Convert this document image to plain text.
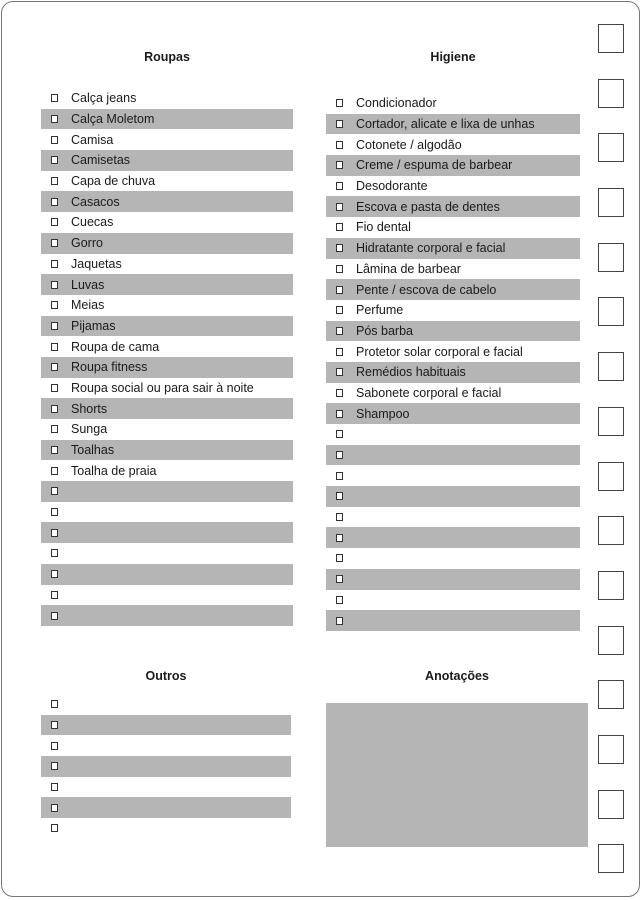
Roupas
Calça jeans
Calça Moletom
Camisa
Camisetas
Capa de chuva
Casacos
Cuecas
Gorro
Jaquetas
Luvas
Meias
Pijamas
Roupa de cama
Roupa fitness
Roupa social ou para sair à noite
Shorts
Sunga
Toalhas
Toalha de praia
Higiene
Condicionador
Cortador, alicate e lixa de unhas
Cotonete / algodão
Creme / espuma de barbear
Desodorante
Escova e pasta de dentes
Fio dental
Hidratante corporal e facial
Lâmina de barbear
Pente / escova de cabelo
Perfume
Pós barba
Protetor solar corporal e facial
Remédios habituais
Sabonete corporal e facial
Shampoo
Outros	Anotações
